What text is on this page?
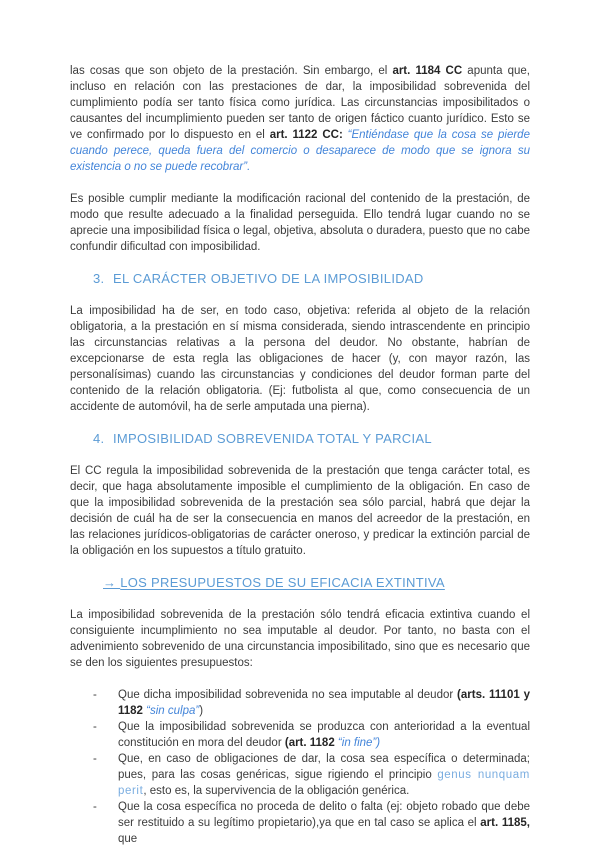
las cosas que son objeto de la prestación. Sin embargo, el art. 1184 CC apunta que, incluso en relación con las prestaciones de dar, la imposibilidad sobrevenida del cumplimiento podía ser tanto física como jurídica. Las circunstancias imposibilitados o causantes del incumplimiento pueden ser tanto de origen fáctico cuanto jurídico. Esto se ve confirmado por lo dispuesto en el art. 1122 CC: “Entiéndase que la cosa se pierde cuando perece, queda fuera del comercio o desaparece de modo que se ignora su existencia o no se puede recobrar”.

Es posible cumplir mediante la modificación racional del contenido de la prestación, de modo que resulte adecuado a la finalidad perseguida. Ello tendrá lugar cuando no se aprecie una imposibilidad física o legal, objetiva, absoluta o duradera, puesto que no cabe confundir dificultad con imposibilidad.

3. EL CARÁCTER OBJETIVO DE LA IMPOSIBILIDAD

La imposibilidad ha de ser, en todo caso, objetiva: referida al objeto de la relación obligatoria, a la prestación en sí misma considerada, siendo intrascendente en principio las circunstancias relativas a la persona del deudor. No obstante, habrían de excepcionarse de esta regla las obligaciones de hacer (y, con mayor razón, las personalísimas) cuando las circunstancias y condiciones del deudor forman parte del contenido de la relación obligatoria. (Ej: futbolista al que, como consecuencia de un accidente de automóvil, ha de serle amputada una pierna).

4. IMPOSIBILIDAD SOBREVENIDA TOTAL Y PARCIAL

El CC regula la imposibilidad sobrevenida de la prestación que tenga carácter total, es decir, que haga absolutamente imposible el cumplimiento de la obligación. En caso de que la imposibilidad sobrevenida de la prestación sea sólo parcial, habrá que dejar la decisión de cuál ha de ser la consecuencia en manos del acreedor de la prestación, en las relaciones jurídicos-obligatorias de carácter oneroso, y predicar la extinción parcial de la obligación en los supuestos a título gratuito.

→ LOS PRESUPUESTOS DE SU EFICACIA EXTINTIVA

La imposibilidad sobrevenida de la prestación sólo tendrá eficacia extintiva cuando el consiguiente incumplimiento no sea imputable al deudor. Por tanto, no basta con el advenimiento sobrevenido de una circunstancia imposibilitado, sino que es necesario que se den los siguientes presupuestos:

-	Que dicha imposibilidad sobrevenida no sea imputable al deudor (arts. 11101 y 1182 “sin culpa”)
-	Que la imposibilidad sobrevenida se produzca con anterioridad a la eventual constitución en mora del deudor (art. 1182 “in fine”)
-	Que, en caso de obligaciones de dar, la cosa sea específica o determinada; pues, para las cosas genéricas, sigue rigiendo el principio genus nunquam perit, esto es, la supervivencia de la obligación genérica.
-	Que la cosa específica no proceda de delito o falta (ej: objeto robado que debe ser restituido a su legítimo propietario),ya que en tal caso se aplica el art. 1185, que
